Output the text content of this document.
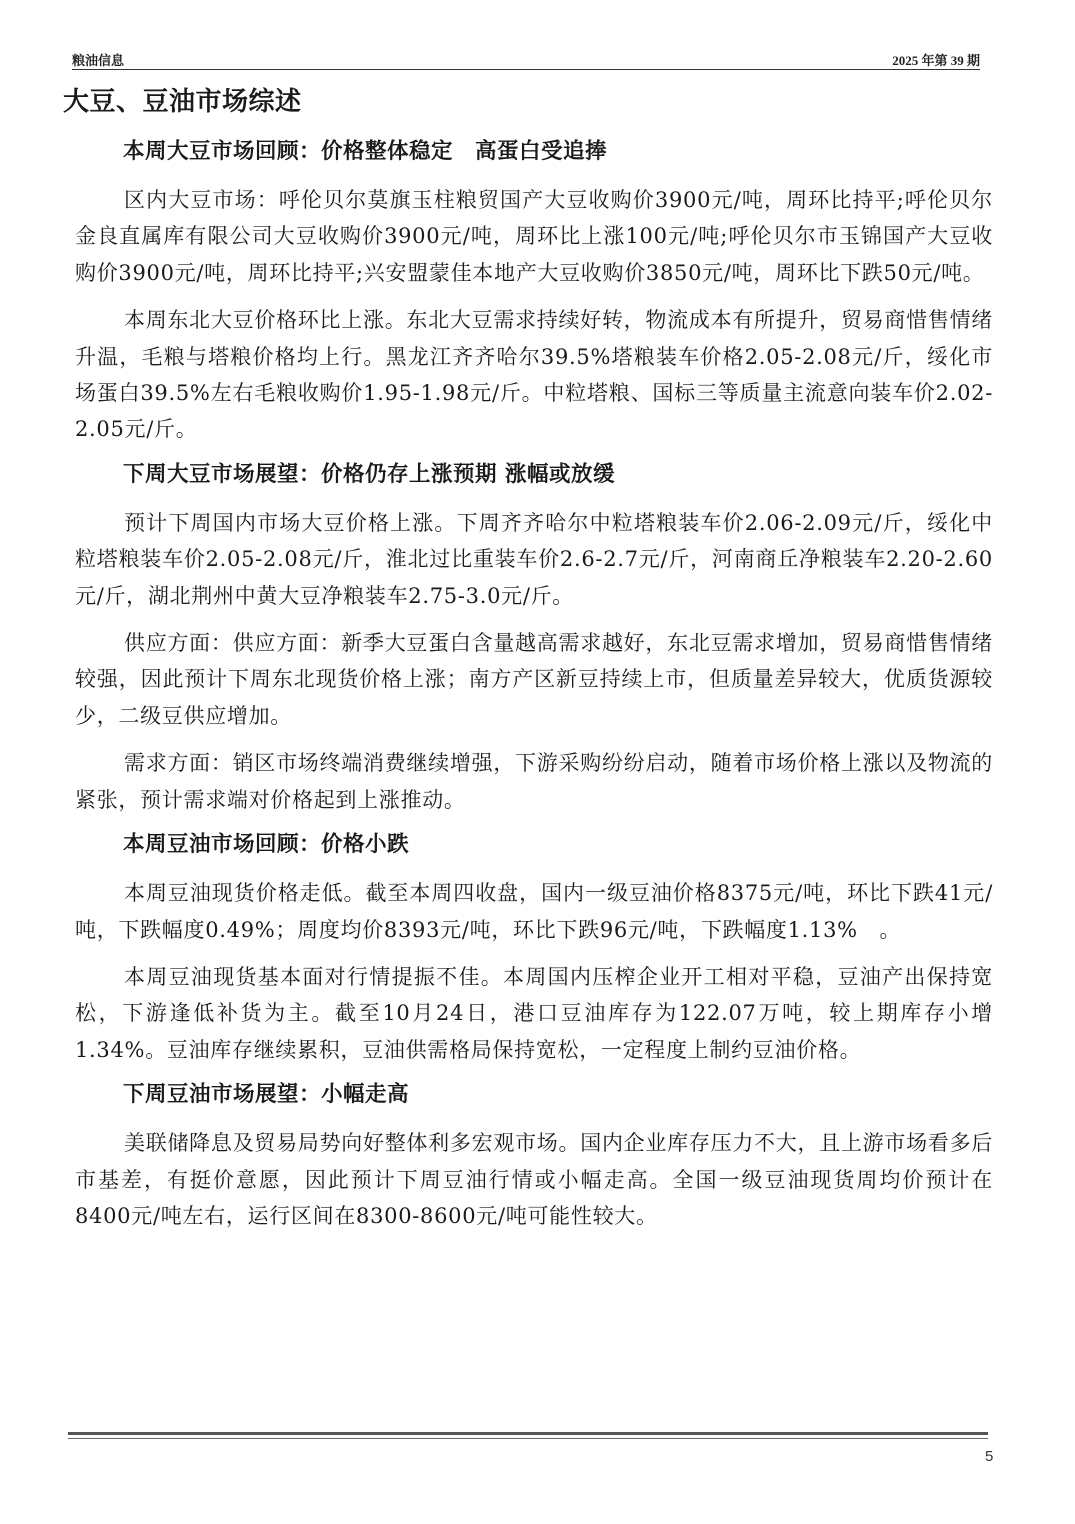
粮油信息	2025 年第 39 期
大豆、豆油市场综述
本周大豆市场回顾：价格整体稳定　高蛋白受追捧

区内大豆市场：呼伦贝尔莫旗玉柱粮贸国产大豆收购价3900元/吨，周环比持平;呼伦贝尔金良直属库有限公司大豆收购价3900元/吨，周环比上涨100元/吨;呼伦贝尔市玉锦国产大豆收购价3900元/吨，周环比持平;兴安盟蒙佳本地产大豆收购价3850元/吨，周环比下跌50元/吨。

本周东北大豆价格环比上涨。东北大豆需求持续好转，物流成本有所提升，贸易商惜售情绪升温，毛粮与塔粮价格均上行。黑龙江齐齐哈尔39.5%塔粮装车价格2.05-2.08元/斤，绥化市场蛋白39.5%左右毛粮收购价1.95-1.98元/斤。中粒塔粮、国标三等质量主流意向装车价2.02-2.05元/斤。

下周大豆市场展望：价格仍存上涨预期 涨幅或放缓

预计下周国内市场大豆价格上涨。下周齐齐哈尔中粒塔粮装车价2.06-2.09元/斤，绥化中粒塔粮装车价2.05-2.08元/斤，淮北过比重装车价2.6-2.7元/斤，河南商丘净粮装车2.20-2.60元/斤，湖北荆州中黄大豆净粮装车2.75-3.0元/斤。

供应方面：供应方面：新季大豆蛋白含量越高需求越好，东北豆需求增加，贸易商惜售情绪较强，因此预计下周东北现货价格上涨；南方产区新豆持续上市，但质量差异较大，优质货源较少，二级豆供应增加。

需求方面：销区市场终端消费继续增强，下游采购纷纷启动，随着市场价格上涨以及物流的紧张，预计需求端对价格起到上涨推动。

本周豆油市场回顾：价格小跌

本周豆油现货价格走低。截至本周四收盘，国内一级豆油价格8375元/吨，环比下跌41元/吨，下跌幅度0.49%；周度均价8393元/吨，环比下跌96元/吨，下跌幅度1.13%　。

本周豆油现货基本面对行情提振不佳。本周国内压榨企业开工相对平稳，豆油产出保持宽松，下游逢低补货为主。截至10月24日，港口豆油库存为122.07万吨，较上期库存小增1.34%。豆油库存继续累积，豆油供需格局保持宽松，一定程度上制约豆油价格。

下周豆油市场展望：小幅走高

美联储降息及贸易局势向好整体利多宏观市场。国内企业库存压力不大，且上游市场看多后市基差，有挺价意愿，因此预计下周豆油行情或小幅走高。全国一级豆油现货周均价预计在8400元/吨左右，运行区间在8300-8600元/吨可能性较大。

5
